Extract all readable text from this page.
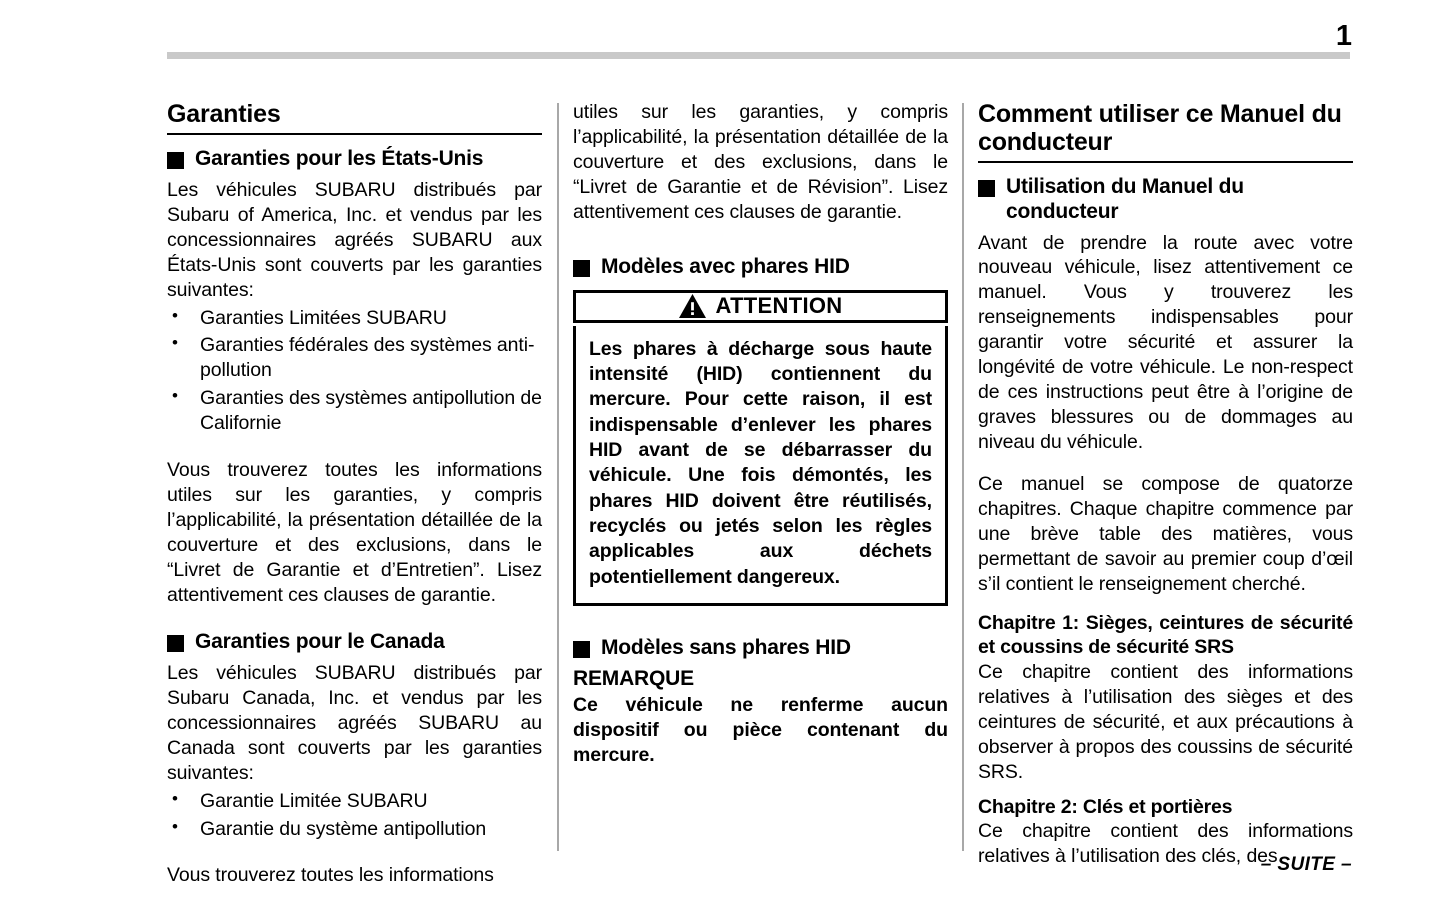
1
Garanties
Garanties pour les États-Unis

Les véhicules SUBARU distribués par Subaru of America, Inc. et vendus par les concessionnaires agréés SUBARU aux États-Unis sont couverts par les garanties suivantes:

• Garanties Limitées SUBARU
• Garanties fédérales des systèmes anti-pollution
• Garanties des systèmes antipollution de Californie

Vous trouverez toutes les informations utiles sur les garanties, y compris l’applicabilité, la présentation détaillée de la couverture et des exclusions, dans le “Livret de Garantie et d’Entretien”. Lisez attentivement ces clauses de garantie.

Garanties pour le Canada

Les véhicules SUBARU distribués par Subaru Canada, Inc. et vendus par les concessionnaires agréés SUBARU au Canada sont couverts par les garanties suivantes:

• Garantie Limitée SUBARU
• Garantie du système antipollution

Vous trouverez toutes les informations

utiles sur les garanties, y compris l’applicabilité, la présentation détaillée de la couverture et des exclusions, dans le “Livret de Garantie et de Révision”. Lisez attentivement ces clauses de garantie.

Modèles avec phares HID
ATTENTION

Les phares à décharge sous haute intensité (HID) contiennent du mercure. Pour cette raison, il est indispensable d’enlever les phares HID avant de se débarrasser du véhicule. Une fois démontés, les phares HID doivent être réutilisés, recyclés ou jetés selon les règles applicables aux déchets potentiellement dangereux.

Modèles sans phares HID
REMARQUE

Ce véhicule ne renferme aucun dispositif ou pièce contenant du mercure.

Comment utiliser ce Manuel du conducteur
Utilisation du Manuel du conducteur

Avant de prendre la route avec votre nouveau véhicule, lisez attentivement ce manuel. Vous y trouverez les renseignements indispensables pour garantir votre sécurité et assurer la longévité de votre véhicule. Le non-respect de ces instructions peut être à l’origine de graves blessures ou de dommages au niveau du véhicule.

Ce manuel se compose de quatorze chapitres. Chaque chapitre commence par une brève table des matières, vous permettant de savoir au premier coup d’œil s’il contient le renseignement cherché.

Chapitre 1: Sièges, ceintures de sécurité et coussins de sécurité SRS

Ce chapitre contient des informations relatives à l’utilisation des sièges et des ceintures de sécurité, et aux précautions à observer à propos des coussins de sécurité SRS.

Chapitre 2: Clés et portières

Ce chapitre contient des informations relatives à l’utilisation des clés, des

– SUITE –
